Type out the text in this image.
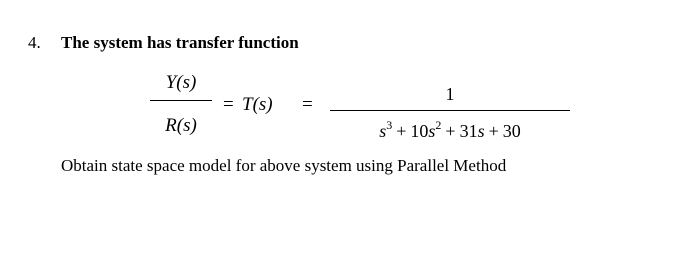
4. The system has transfer function
Y(s)
R(s)
= T(s) =	1
$s^3 + 10s^2 + 31s + 30$
Obtain state space model for above system using Parallel Method
